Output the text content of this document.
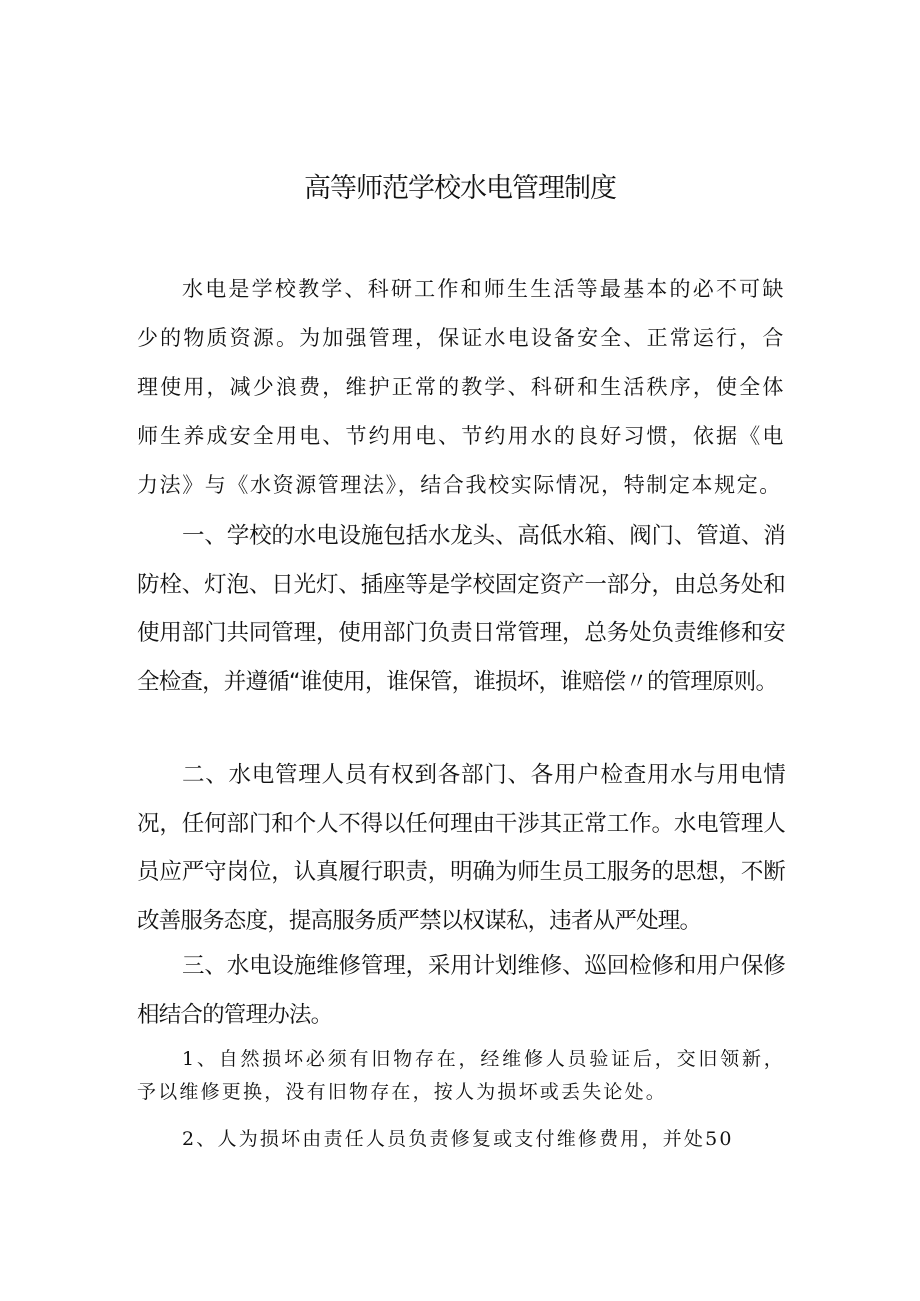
高等师范学校水电管理制度

水电是学校教学、科研工作和师生生活等最基本的必不可缺少的物质资源。为加强管理，保证水电设备安全、正常运行，合理使用，减少浪费，维护正常的教学、科研和生活秩序，使全体师生养成安全用电、节约用电、节约用水的良好习惯，依据《电力法》与《水资源管理法》，结合我校实际情况，特制定本规定。

一、学校的水电设施包括水龙头、高低水箱、阀门、管道、消防栓、灯泡、日光灯、插座等是学校固定资产一部分，由总务处和使用部门共同管理，使用部门负责日常管理，总务处负责维修和安全检查，并遵循“谁使用，谁保管，谁损坏，谁赔偿〃的管理原则。

二、水电管理人员有权到各部门、各用户检查用水与用电情况，任何部门和个人不得以任何理由干涉其正常工作。水电管理人员应严守岗位，认真履行职责，明确为师生员工服务的思想，不断改善服务态度，提高服务质严禁以权谋私，违者从严处理。

三、水电设施维修管理，采用计划维修、巡回检修和用户保修相结合的管理办法。

1、自然损坏必须有旧物存在，经维修人员验证后，交旧领新，予以维修更换，没有旧物存在，按人为损坏或丢失论处。

2、人为损坏由责任人员负责修复或支付维修费用，并处50
